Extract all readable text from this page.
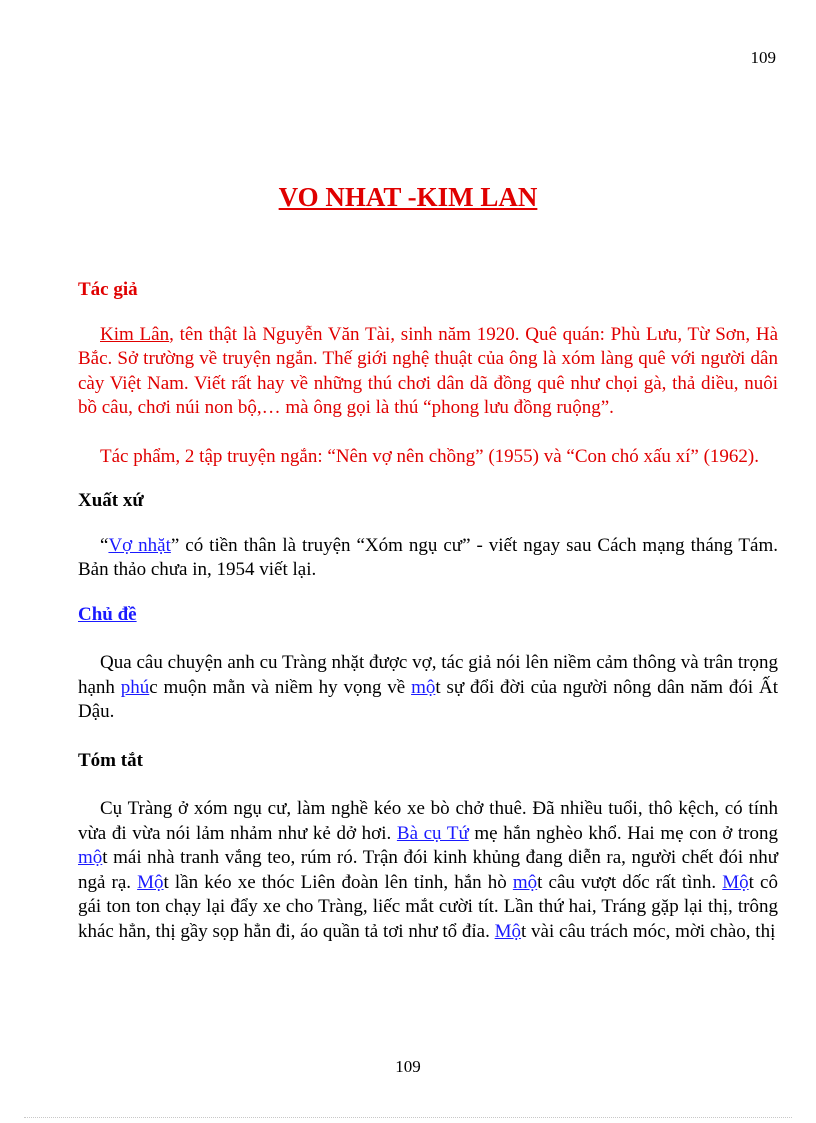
109
VO NHAT -KIM LAN
Tác giả

Kim Lân, tên thật là Nguyễn Văn Tài, sinh năm 1920. Quê quán: Phù Lưu, Từ Sơn, Hà Bắc. Sở trường về truyện ngắn. Thế giới nghệ thuật của ông là xóm làng quê với người dân cày Việt Nam. Viết rất hay về những thú chơi dân dã đồng quê như chọi gà, thả diều, nuôi bồ câu, chơi núi non bộ,… mà ông gọi là thú “phong lưu đồng ruộng”.

Tác phẩm, 2 tập truyện ngắn: “Nên vợ nên chồng” (1955) và “Con chó xấu xí” (1962).

Xuất xứ

“Vợ nhặt” có tiền thân là truyện “Xóm ngụ cư” - viết ngay sau Cách mạng tháng Tám. Bản thảo chưa in, 1954 viết lại.

Chủ đề

Qua câu chuyện anh cu Tràng nhặt được vợ, tác giả nói lên niềm cảm thông và trân trọng hạnh phúc muộn mằn và niềm hy vọng về một sự đổi đời của người nông dân năm đói Ất Dậu.

Tóm tắt

Cụ Tràng ở xóm ngụ cư, làm nghề kéo xe bò chở thuê. Đã nhiều tuổi, thô kệch, có tính vừa đi vừa nói lảm nhảm như kẻ dở hơi. Bà cụ Tứ mẹ hắn nghèo khổ. Hai mẹ con ở trong một mái nhà tranh vắng teo, rúm ró. Trận đói kinh khủng đang diễn ra, người chết đói như ngả rạ. Một lần kéo xe thóc Liên đoàn lên tỉnh, hắn hò một câu vượt dốc rất tình. Một cô gái ton ton chạy lại đẩy xe cho Tràng, liếc mắt cười tít. Lần thứ hai, Tráng gặp lại thị, trông khác hẳn, thị gầy sọp hẳn đi, áo quần tả tơi như tổ đỉa. Một vài câu trách móc, mời chào, thị

109
